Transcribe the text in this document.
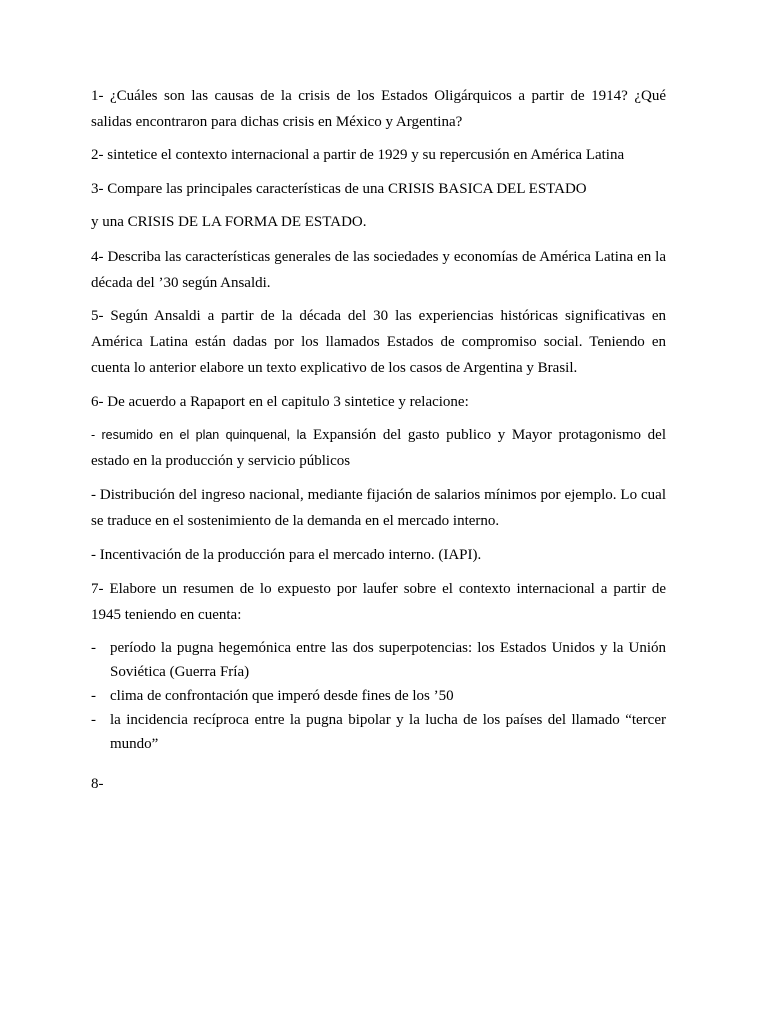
1- ¿Cuáles son las causas de la crisis de los Estados Oligárquicos a partir de 1914? ¿Qué salidas encontraron para dichas crisis en México y Argentina?

2- sintetice el contexto internacional a partir de 1929 y su repercusión en América Latina

3- Compare las principales características de una CRISIS BASICA DEL ESTADO

y una CRISIS DE LA FORMA DE ESTADO.

4- Describa las características generales de las sociedades y economías de América Latina en la década del ’30 según Ansaldi.

5- Según Ansaldi a partir de la década del 30 las experiencias históricas significativas en América Latina están dadas por los llamados Estados de compromiso social. Teniendo en cuenta lo anterior elabore un texto explicativo de los casos de Argentina y Brasil.

6- De acuerdo a Rapaport en el capitulo 3 sintetice y relacione:

- resumido en el plan quinquenal, la Expansión del gasto publico y Mayor protagonismo del estado en la producción y servicio públicos

- Distribución del ingreso nacional, mediante fijación de salarios mínimos por ejemplo. Lo cual se traduce en el sostenimiento de la demanda en el mercado interno.

- Incentivación de la producción para el mercado interno. (IAPI).

7- Elabore un resumen de lo expuesto por laufer sobre el contexto internacional a partir de 1945 teniendo en cuenta:

- período la pugna hegemónica entre las dos superpotencias: los Estados Unidos y la Unión Soviética (Guerra Fría)
- clima de confrontación que imperó desde fines de los ’50
- la incidencia recíproca entre la pugna bipolar y la lucha de los países del llamado “tercer mundo”

8-
